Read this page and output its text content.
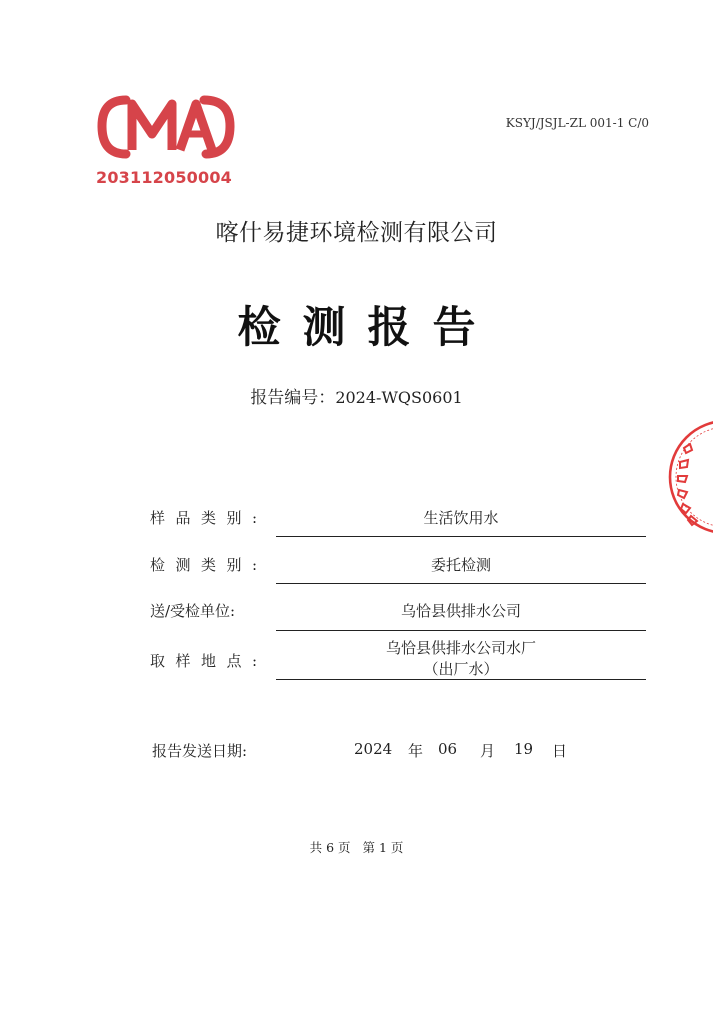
203112050004
KSYJ/JSJL-ZL 001-1 C/0
喀什易捷环境检测有限公司
检测报告
报告编号：2024-WQS0601
样品类别:	生活饮用水
检测类别:	委托检测
送/受检单位:	乌恰县供排水公司
取样地点:
乌恰县供排水公司水厂
（出厂水）
报告发送日期:	2024 年 06 月 19 日
共 6 页 第 1 页
